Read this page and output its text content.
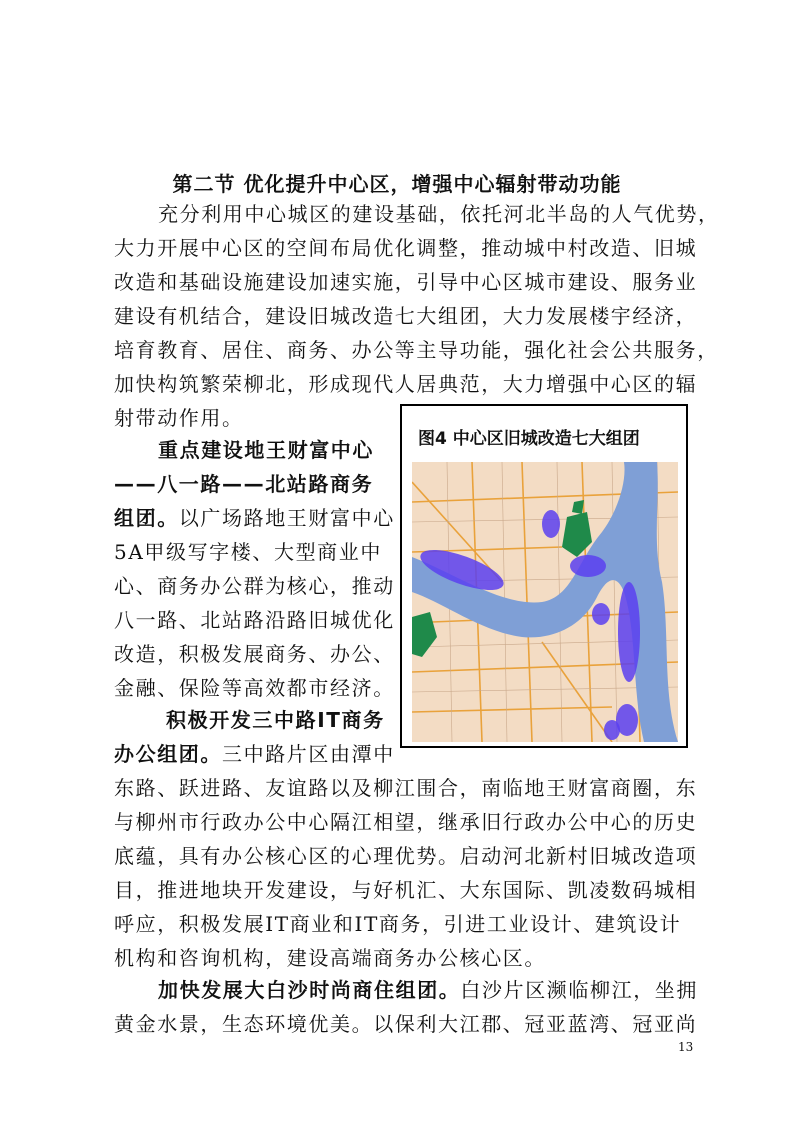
第二节 优化提升中心区，增强中心辐射带动功能
充分利用中心城区的建设基础，依托河北半岛的人气优势，
大力开展中心区的空间布局优化调整，推动城中村改造、旧城
改造和基础设施建设加速实施，引导中心区城市建设、服务业
建设有机结合，建设旧城改造七大组团，大力发展楼宇经济，
培育教育、居住、商务、办公等主导功能，强化社会公共服务，
加快构筑繁荣柳北，形成现代人居典范，大力增强中心区的辐
射带动作用。
重点建设地王财富中心
——八一路——北站路商务
组团。以广场路地王财富中心
5A甲级写字楼、大型商业中
心、商务办公群为核心，推动
八一路、北站路沿路旧城优化
改造，积极发展商务、办公、
金融、保险等高效都市经济。
积极开发三中路IT商务
办公组团。三中路片区由潭中
东路、跃进路、友谊路以及柳江围合，南临地王财富商圈，东
与柳州市行政办公中心隔江相望，继承旧行政办公中心的历史
底蕴，具有办公核心区的心理优势。启动河北新村旧城改造项
目，推进地块开发建设，与好机汇、大东国际、凯凌数码城相
呼应，积极发展IT商业和IT商务，引进工业设计、建筑设计
机构和咨询机构，建设高端商务办公核心区。
加快发展大白沙时尚商住组团。白沙片区濒临柳江，坐拥
黄金水景，生态环境优美。以保利大江郡、冠亚蓝湾、冠亚尚
图4 中心区旧城改造七大组团
13
